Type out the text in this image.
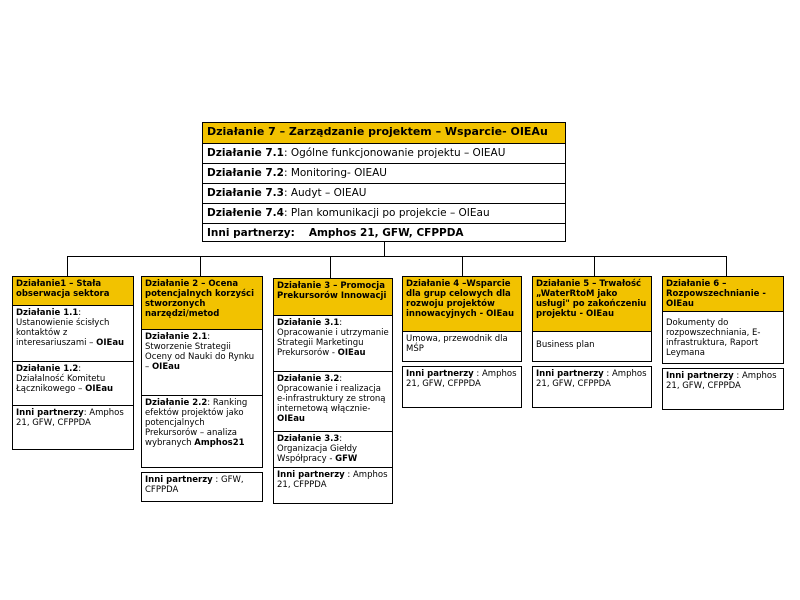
Działanie 7 – Zarządzanie projektem – Wsparcie- OIEAu
Działanie 7.1: Ogólne funkcjonowanie projektu – OIEAU
Działanie 7.2: Monitoring- OIEAU
Działanie 7.3: Audyt – OIEAU
Działenie 7.4: Plan komunikacji po projekcie – OIEau
Inni partnerzy: Amphos 21, GFW, CFPPDA
Działanie1 – Stała obserwacja sektora
Działanie 1.1: Ustanowienie ścisłych kontaktów z interesariuszami – OIEau
Działanie 1.2: Działalność Komitetu Łącznikowego – OIEau
Inni partnerzy: Amphos 21, GFW, CFPPDA
Działanie 2 – Ocena potencjalnych korzyści stworzonych narzędzi/metod
Działanie 2.1: Stworzenie Strategii Oceny od Nauki do Rynku – OIEau
Działanie 2.2: Ranking efektów projektów jako potencjalnych Prekursorów – analiza wybranych Amphos21
Inni partnerzy : GFW, CFPPDA
Działanie 3 – Promocja Prekursorów Innowacji
Działanie 3.1: Opracowanie i utrzymanie Strategii Marketingu Prekursorów - OIEau
Działanie 3.2: Opracowanie i realizacja e-infrastruktury ze stroną internetową włącznie- OIEau
Działanie 3.3: Organizacja Giełdy Współpracy - GFW
Inni partnerzy : Amphos 21, CFPPDA
Działanie 4 –Wsparcie dla grup celowych dla rozwoju projektów innowacyjnych - OIEau
Umowa, przewodnik dla MŚP
Inni partnerzy : Amphos 21, GFW, CFPPDA
Działanie 5 – Trwałość „WaterRtoM jako usługi" po zakończeniu projektu - OIEau
Business plan
Inni partnerzy : Amphos 21, GFW, CFPPDA
Działanie 6 – Rozpowszechnianie - OIEau
Dokumenty do rozpowszechniania, E- infrastruktura, Raport Leymana
Inni partnerzy : Amphos 21, GFW, CFPPDA
